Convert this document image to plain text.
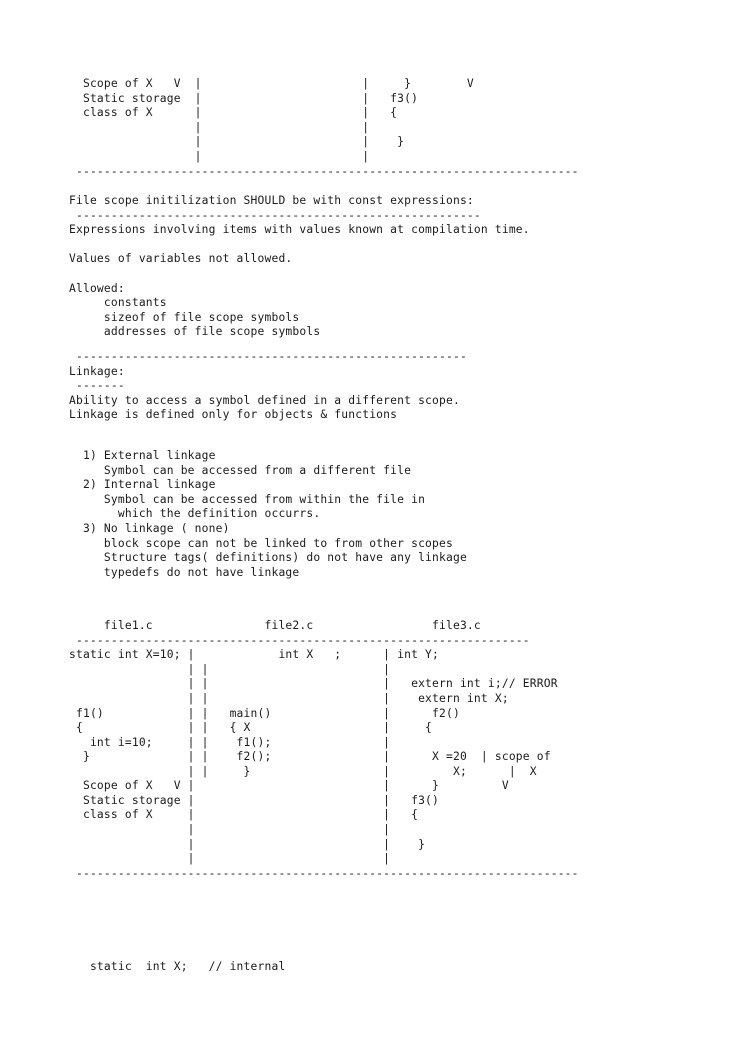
Scope of X   V  |                       |     }        V
Static storage  |                       |   f3()
class of X      |                       |   {
|                       |
|                       |    }
|                       |
------------------------------------------------------------------------
File scope initilization SHOULD be with const expressions:
----------------------------------------------------------
Expressions involving items with values known at compilation time.
Values of variables not allowed.
Allowed:
constants
sizeof of file scope symbols
addresses of file scope symbols
--------------------------------------------------------
Linkage:
-------
Ability to access a symbol defined in a different scope.
Linkage is defined only for objects & functions
1) External linkage
Symbol can be accessed from a different file
2) Internal linkage
Symbol can be accessed from within the file in
which the definition occurrs.
3) No linkage ( none)
block scope can not be linked to from other scopes
Structure tags( definitions) do not have any linkage
typedefs do not have linkage
file1.c                file2.c                 file3.c
-----------------------------------------------------------------
static int X=10; |            int X   ;      | int Y;
| |                         |
| |                         |   extern int i;// ERROR
| |                         |    extern int X;
f1()            | |   main()                |      f2()
{               | |   { X                   |     {
int i=10;     | |    f1();                |
}              | |    f2();                |      X =20  | scope of
| |     }                   |         X;      |  X
Scope of X   V |                           |      }         V
Static storage |                           |   f3()
class of X     |                           |   {
|                           |
|                           |    }
|                           |
------------------------------------------------------------------------
static  int X;   // internal
